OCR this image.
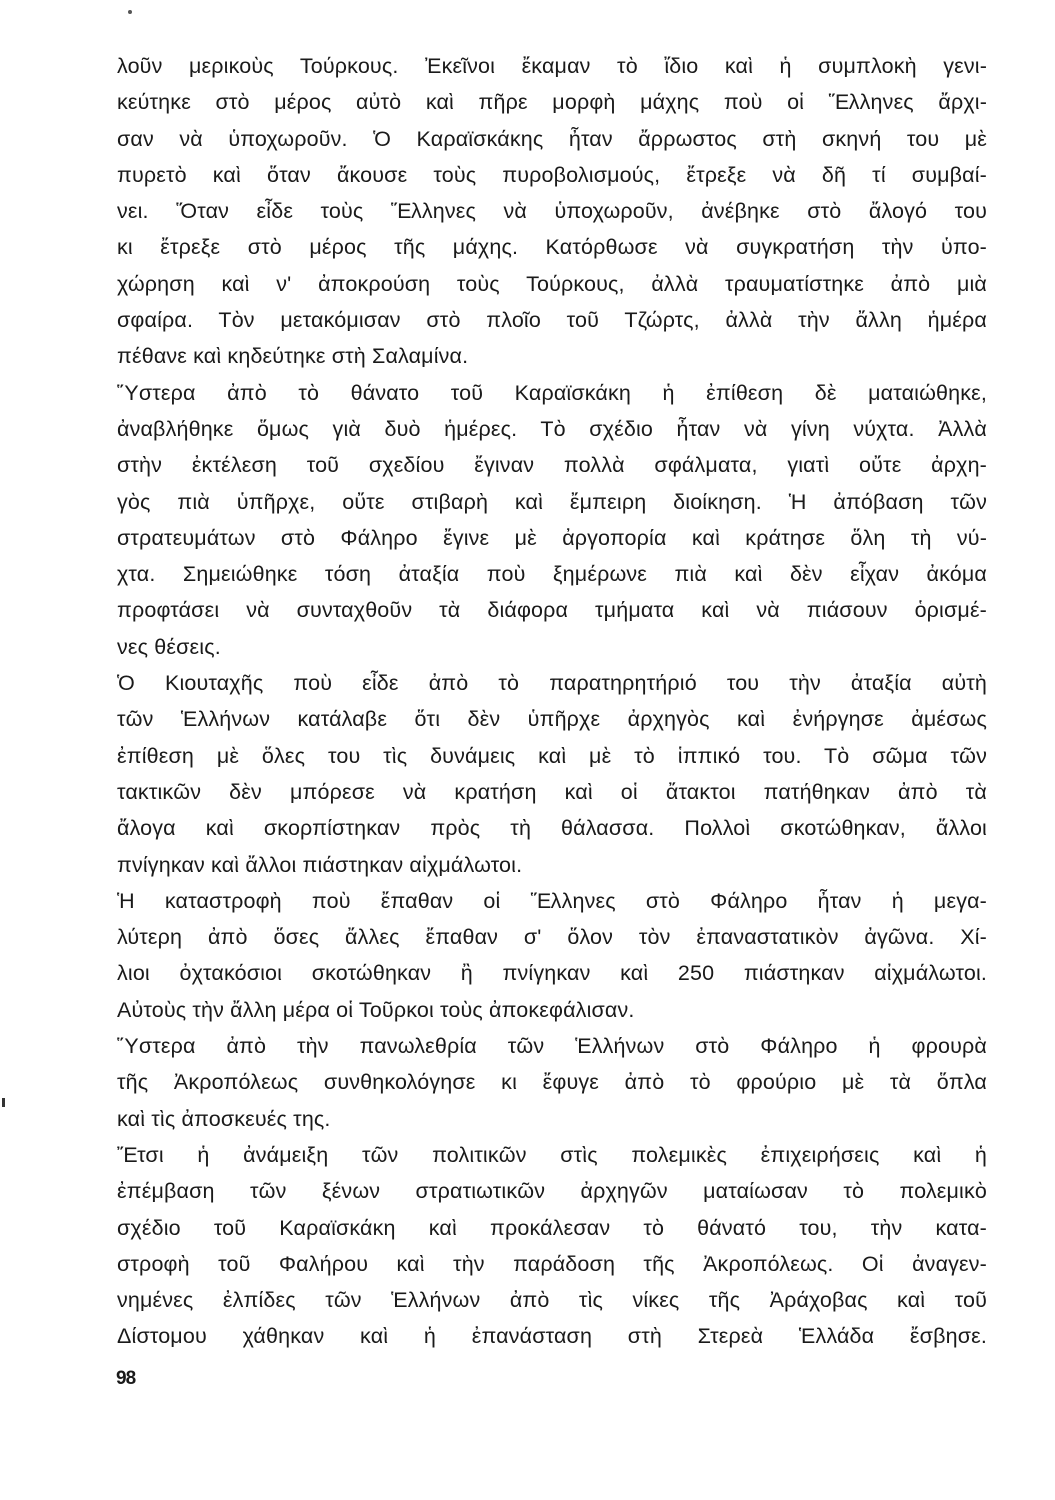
λοῦν μερικοὺς Τούρκους. Ἐκεῖνοι ἔκαμαν τὸ ἴδιο καὶ ἡ συμπλοκὴ γενι-
κεύτηκε στὸ μέρος αὐτὸ καὶ πῆρε μορφὴ μάχης ποὺ οἱ Ἕλληνες ἄρχι-
σαν νὰ ὑποχωροῦν. Ὁ Καραϊσκάκης ἦταν ἄρρωστος στὴ σκηνή του μὲ
πυρετὸ καὶ ὅταν ἄκουσε τοὺς πυροβολισμούς, ἔτρεξε νὰ δῆ τί συμβαί-
νει. Ὅταν εἶδε τοὺς Ἕλληνες νὰ ὑποχωροῦν, ἀνέβηκε στὸ ἄλογό του
κι ἔτρεξε στὸ μέρος τῆς μάχης. Κατόρθωσε νὰ συγκρατήση τὴν ὑπο-
χώρηση καὶ ν' ἀποκρούση τοὺς Τούρκους, ἀλλὰ τραυματίστηκε ἀπὸ μιὰ
σφαίρα. Τὸν μετακόμισαν στὸ πλοῖο τοῦ Τζώρτς, ἀλλὰ τὴν ἄλλη ἡμέρα
πέθανε καὶ κηδεύτηκε στὴ Σαλαμίνα.
Ὕστερα ἀπὸ τὸ θάνατο τοῦ Καραϊσκάκη ἡ ἐπίθεση δὲ ματαιώθηκε,
ἀναβλήθηκε ὅμως γιὰ δυὸ ἡμέρες. Τὸ σχέδιο ἦταν νὰ γίνη νύχτα. Ἀλλὰ
στὴν ἐκτέλεση τοῦ σχεδίου ἔγιναν πολλὰ σφάλματα, γιατὶ οὔτε ἀρχη-
γὸς πιὰ ὑπῆρχε, οὔτε στιβαρὴ καὶ ἔμπειρη διοίκηση. Ἡ ἀπόβαση τῶν
στρατευμάτων στὸ Φάληρο ἔγινε μὲ ἀργοπορία καὶ κράτησε ὅλη τὴ νύ-
χτα. Σημειώθηκε τόση ἀταξία ποὺ ξημέρωνε πιὰ καὶ δὲν εἶχαν ἀκόμα
προφτάσει νὰ συνταχθοῦν τὰ διάφορα τμήματα καὶ νὰ πιάσουν ὁρισμέ-
νες θέσεις.
Ὁ Κιουταχῆς ποὺ εἶδε ἀπὸ τὸ παρατηρητήριό του τὴν ἀταξία αὐτὴ
τῶν Ἑλλήνων κατάλαβε ὅτι δὲν ὑπῆρχε ἀρχηγὸς καὶ ἐνήργησε ἀμέσως
ἐπίθεση μὲ ὅλες του τὶς δυνάμεις καὶ μὲ τὸ ἱππικό του. Τὸ σῶμα τῶν
τακτικῶν δὲν μπόρεσε νὰ κρατήση καὶ οἱ ἄτακτοι πατήθηκαν ἀπὸ τὰ
ἄλογα καὶ σκορπίστηκαν πρὸς τὴ θάλασσα. Πολλοὶ σκοτώθηκαν, ἄλλοι
πνίγηκαν καὶ ἄλλοι πιάστηκαν αἰχμάλωτοι.
Ἡ καταστροφὴ ποὺ ἔπαθαν οἱ Ἕλληνες στὸ Φάληρο ἦταν ἡ μεγα-
λύτερη ἀπὸ ὅσες ἄλλες ἔπαθαν σ' ὅλον τὸν ἐπαναστατικὸν ἀγῶνα. Χί-
λιοι ὀχτακόσιοι σκοτώθηκαν ἢ πνίγηκαν καὶ 250 πιάστηκαν αἰχμάλωτοι.
Αὐτοὺς τὴν ἄλλη μέρα οἱ Τοῦρκοι τοὺς ἀποκεφάλισαν.
Ὕστερα ἀπὸ τὴν πανωλεθρία τῶν Ἑλλήνων στὸ Φάληρο ἡ φρουρὰ
τῆς Ἀκροπόλεως συνθηκολόγησε κι ἔφυγε ἀπὸ τὸ φρούριο μὲ τὰ ὅπλα
καὶ τὶς ἀποσκευές της.
Ἔτσι ἡ ἀνάμειξη τῶν πολιτικῶν στὶς πολεμικὲς ἐπιχειρήσεις καὶ ἡ
ἐπέμβαση τῶν ξένων στρατιωτικῶν ἀρχηγῶν ματαίωσαν τὸ πολεμικὸ
σχέδιο τοῦ Καραϊσκάκη καὶ προκάλεσαν τὸ θάνατό του, τὴν κατα-
στροφὴ τοῦ Φαλήρου καὶ τὴν παράδοση τῆς Ἀκροπόλεως. Οἱ ἀναγεν-
νημένες ἐλπίδες τῶν Ἑλλήνων ἀπὸ τὶς νίκες τῆς Ἀράχοβας καὶ τοῦ
Δίστομου χάθηκαν καὶ ἡ ἐπανάσταση στὴ Στερεὰ Ἑλλάδα ἔσβησε.
98
